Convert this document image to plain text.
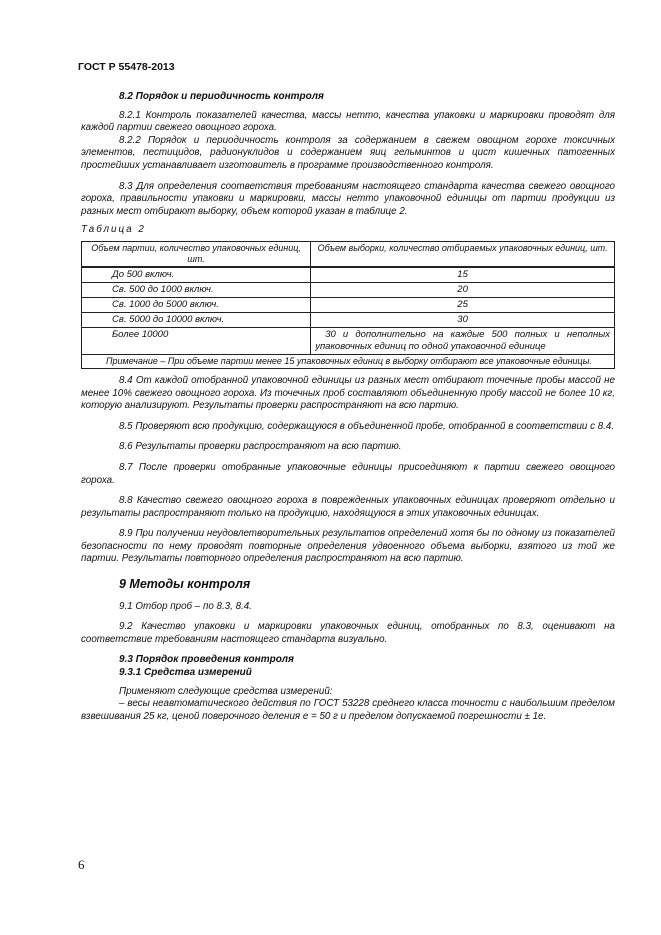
ГОСТ Р 55478-2013
8.2 Порядок и периодичность контроля

8.2.1 Контроль показателей качества, массы нетто, качества упаковки и маркировки проводят для каждой партии свежего овощного гороха.

8.2.2 Порядок и периодичность контроля за содержанием в свежем овощном горохе токсичных элементов, пестицидов, радионуклидов и содержанием яиц гельминтов и цист кишечных патогенных простейших устанавливает изготовитель в программе производственного контроля.

8.3 Для определения соответствия требованиям настоящего стандарта качества свежего овощного гороха, правильности упаковки и маркировки, массы нетто упаковочной единицы от партии продукции из разных мест отбирают выборку, объем которой указан в таблице 2.

Таблица 2
Объем партии, количество упаковочных единиц, шт.	Объем выборки, количество отбираемых упаковочных единиц, шт.
До 500 включ.	15
Св. 500 до 1000 включ.	20
Св. 1000 до 5000 включ.	25
Св. 5000 до 10000 включ.	30
Более 10000	30 и дополнительно на каждые 500 полных и неполных упаковочных единиц по одной упаковочной единице
Примечание – При объеме партии менее 15 упаковочных единиц в выборку отбирают все упаковочные единицы.	

8.4 От каждой отобранной упаковочной единицы из разных мест отбирают точечные пробы массой не менее 10% свежего овощного гороха. Из точечных проб составляют объединенную пробу массой не более 10 кг, которую анализируют. Результаты проверки распространяют на всю партию.

8.5 Проверяют всю продукцию, содержащуюся в объединенной пробе, отобранной в соответствии с 8.4.

8.6 Результаты проверки распространяют на всю партию.

8.7 После проверки отобранные упаковочные единицы присоединяют к партии свежего овощного гороха.

8.8 Качество свежего овощного гороха в поврежденных упаковочных единицах проверяют отдельно и результаты распространяют только на продукцию, находящуюся в этих упаковочных единицах.

8.9 При получении неудовлетворительных результатов определений хотя бы по одному из показателей безопасности по нему проводят повторные определения удвоенного объема выборки, взятого из той же партии. Результаты повторного определения распространяют на всю партию.

9 Методы контроля

9.1 Отбор проб – по 8.3, 8.4.

9.2 Качество упаковки и маркировки упаковочных единиц, отобранных по 8.3, оценивают на соответствие требованиям настоящего стандарта визуально.

9.3 Порядок проведения контроля
9.3.1 Средства измерений

Применяют следующие средства измерений:

– весы неавтоматического действия по ГОСТ 53228 среднего класса точности с наибольшим пределом взвешивания 25 кг, ценой поверочного деления е = 50 г и пределом допускаемой погрешности ± 1е.

6
